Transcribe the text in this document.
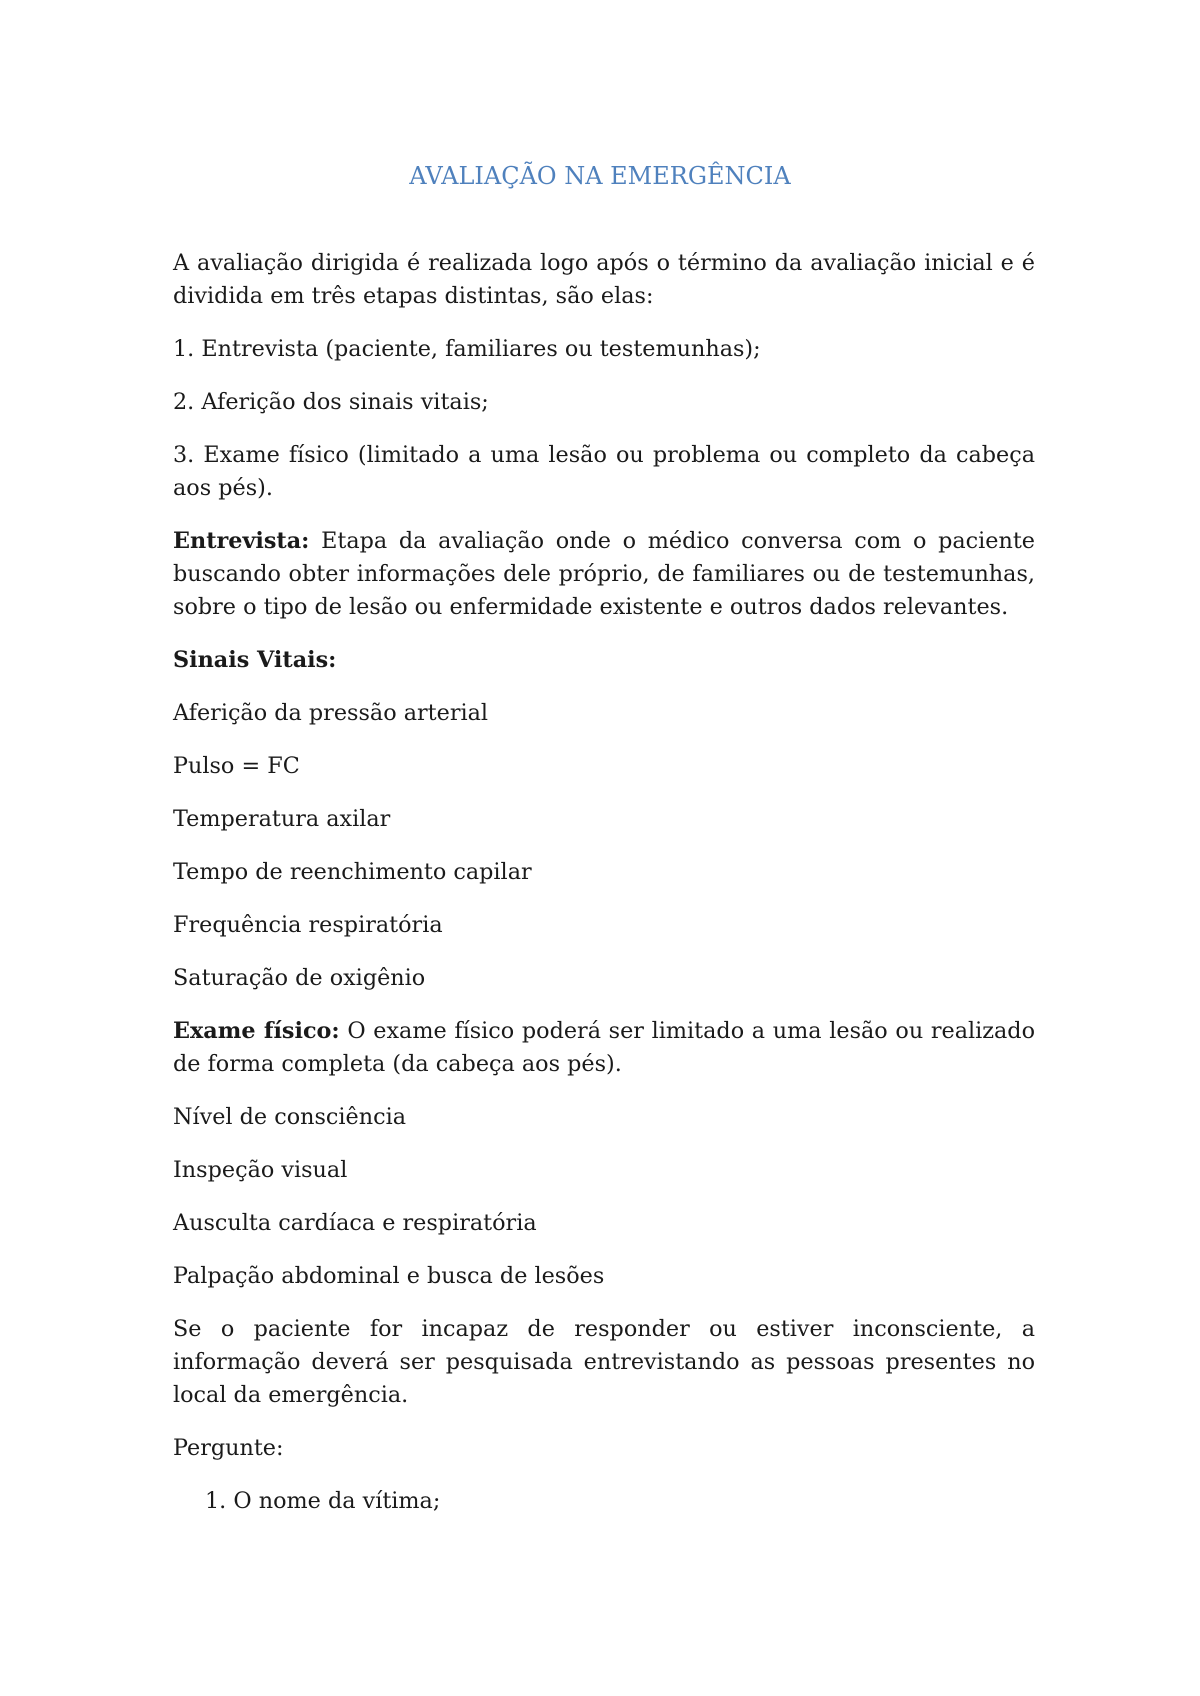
AVALIAÇÃO NA EMERGÊNCIA

A avaliação dirigida é realizada logo após o término da avaliação inicial e é dividida em três etapas distintas, são elas:

1. Entrevista (paciente, familiares ou testemunhas);

2. Aferição dos sinais vitais;

3. Exame físico (limitado a uma lesão ou problema ou completo da cabeça aos pés).

Entrevista: Etapa da avaliação onde o médico conversa com o paciente buscando obter informações dele próprio, de familiares ou de testemunhas, sobre o tipo de lesão ou enfermidade existente e outros dados relevantes.

Sinais Vitais:

Aferição da pressão arterial

Pulso = FC

Temperatura axilar

Tempo de reenchimento capilar

Frequência respiratória

Saturação de oxigênio

Exame físico: O exame físico poderá ser limitado a uma lesão ou realizado de forma completa (da cabeça aos pés).

Nível de consciência

Inspeção visual

Ausculta cardíaca e respiratória

Palpação abdominal e busca de lesões

Se o paciente for incapaz de responder ou estiver inconsciente, a informação deverá ser pesquisada entrevistando as pessoas presentes no local da emergência.

Pergunte:

1. O nome da vítima;
